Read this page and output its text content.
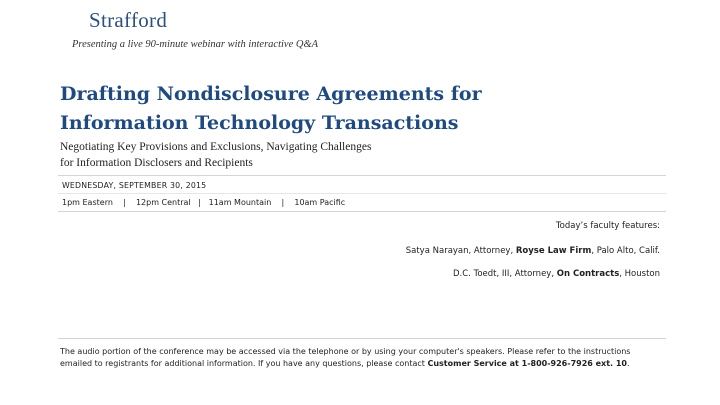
Strafford
Presenting a live 90-minute webinar with interactive Q&A
Drafting Nondisclosure Agreements for
Information Technology Transactions
Negotiating Key Provisions and Exclusions, Navigating Challenges
for Information Disclosers and Recipients
WEDNESDAY, SEPTEMBER 30, 2015
1pm Eastern    |    12pm Central   |   11am Mountain    |    10am Pacific
Today’s faculty features:
Satya Narayan, Attorney, Royse Law Firm, Palo Alto, Calif.
D.C. Toedt, III, Attorney, On Contracts, Houston
The audio portion of the conference may be accessed via the telephone or by using your computer's speakers. Please refer to the instructions emailed to registrants for additional information. If you have any questions, please contact Customer Service at 1-800-926-7926 ext. 10.
